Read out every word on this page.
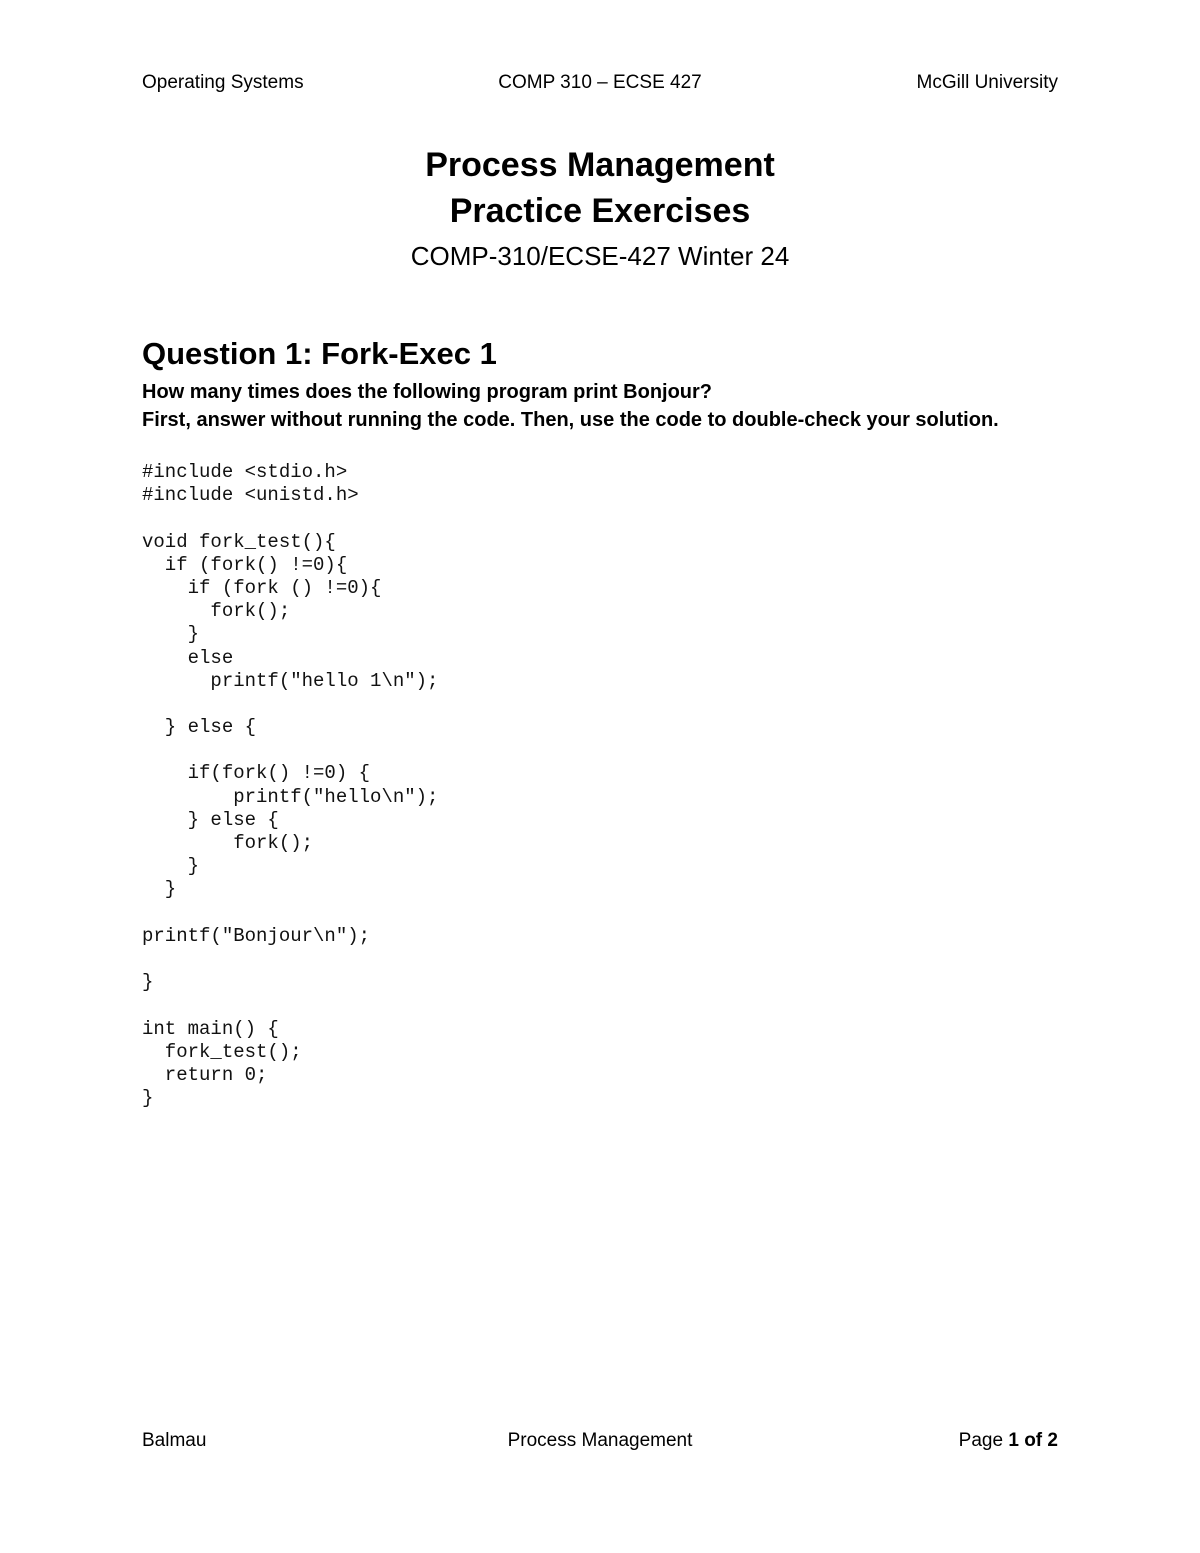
Operating Systems	COMP 310 – ECSE 427	McGill University
Process Management
Practice Exercises
COMP-310/ECSE-427 Winter 24
Question 1: Fork-Exec 1
How many times does the following program print Bonjour?
First, answer without running the code. Then, use the code to double-check your solution.
#include <stdio.h>
#include <unistd.h>
void fork_test(){
if (fork() !=0){
if (fork () !=0){
fork();
}
else
printf("hello 1\n");
} else {
if(fork() !=0) {
printf("hello\n");
} else {
fork();
}
}
printf("Bonjour\n");
}
int main() {
fork_test();
return 0;
}
Balmau	Process Management	Page 1 of 2
